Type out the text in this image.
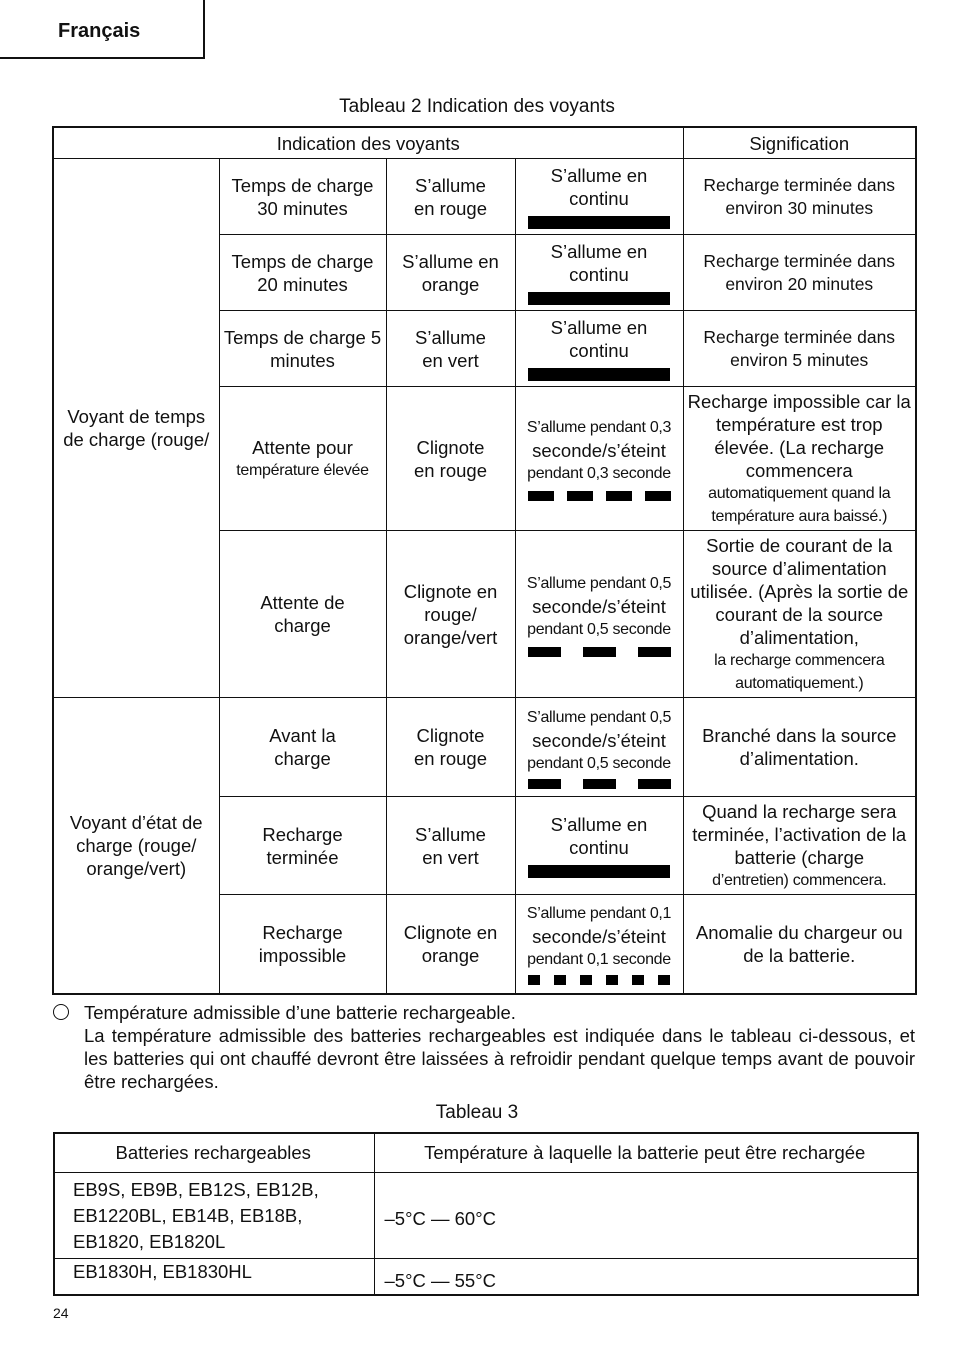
Français
Tableau 2 Indication des voyants
Indication des voyants				Signification
Voyant de temps de charge (rouge/	Temps de charge 30 minutes	S’allume en rouge	S’allume en continu	Recharge terminée dans environ 30 minutes
	Temps de charge 20 minutes	S’allume en orange	S’allume en continu	Recharge terminée dans environ 20 minutes
	Temps de charge 5 minutes	S’allume en vert	S’allume en continu	Recharge terminée dans environ 5 minutes

	Attente pour
température élevée	Clignote en rouge	S’allume pendant 0,3
seconde/s’éteint
pendant 0,3 seconde	Recharge impossible car la température est trop élevée. (La recharge commencera
automatiquement quand la température aura baissé.)

	Attente de charge	Clignote en rouge/ orange/vert	S’allume pendant 0,5
seconde/s’éteint
pendant 0,5 seconde	Sortie de courant de la source d’alimentation utilisée. (Après la sortie de courant de la source d’alimentation,
la recharge commencera
automatiquement.)

Voyant d’état de charge (rouge/ orange/vert)	Avant la charge	Clignote en rouge	S’allume pendant 0,5
seconde/s’éteint
pendant 0,5 seconde	Branché dans la source d’alimentation.
	Recharge terminée	S’allume en vert	S’allume en continu	Quand la recharge sera terminée, l’activation de la batterie (charge
d’entretien) commencera.

	Recharge impossible	Clignote en orange	S’allume pendant 0,1
seconde/s’éteint
pendant 0,1 seconde	Anomalie du chargeur ou de la batterie.
Température admissible d’une batterie rechargeable.
La température admissible des batteries rechargeables est indiquée dans le tableau ci-dessous, et les batteries qui ont chauffé devront être laissées à refroidir pendant quelque temps avant de pouvoir être rechargées.
Tableau 3
Batteries rechargeables	Température à laquelle la batterie peut être rechargée

EB9S, EB9B, EB12S, EB12B,
EB1220BL, EB14B, EB18B,
EB1820, EB1820L	–5°C — 60°C
EB1830H, EB1830HL	–5°C — 55°C
24
